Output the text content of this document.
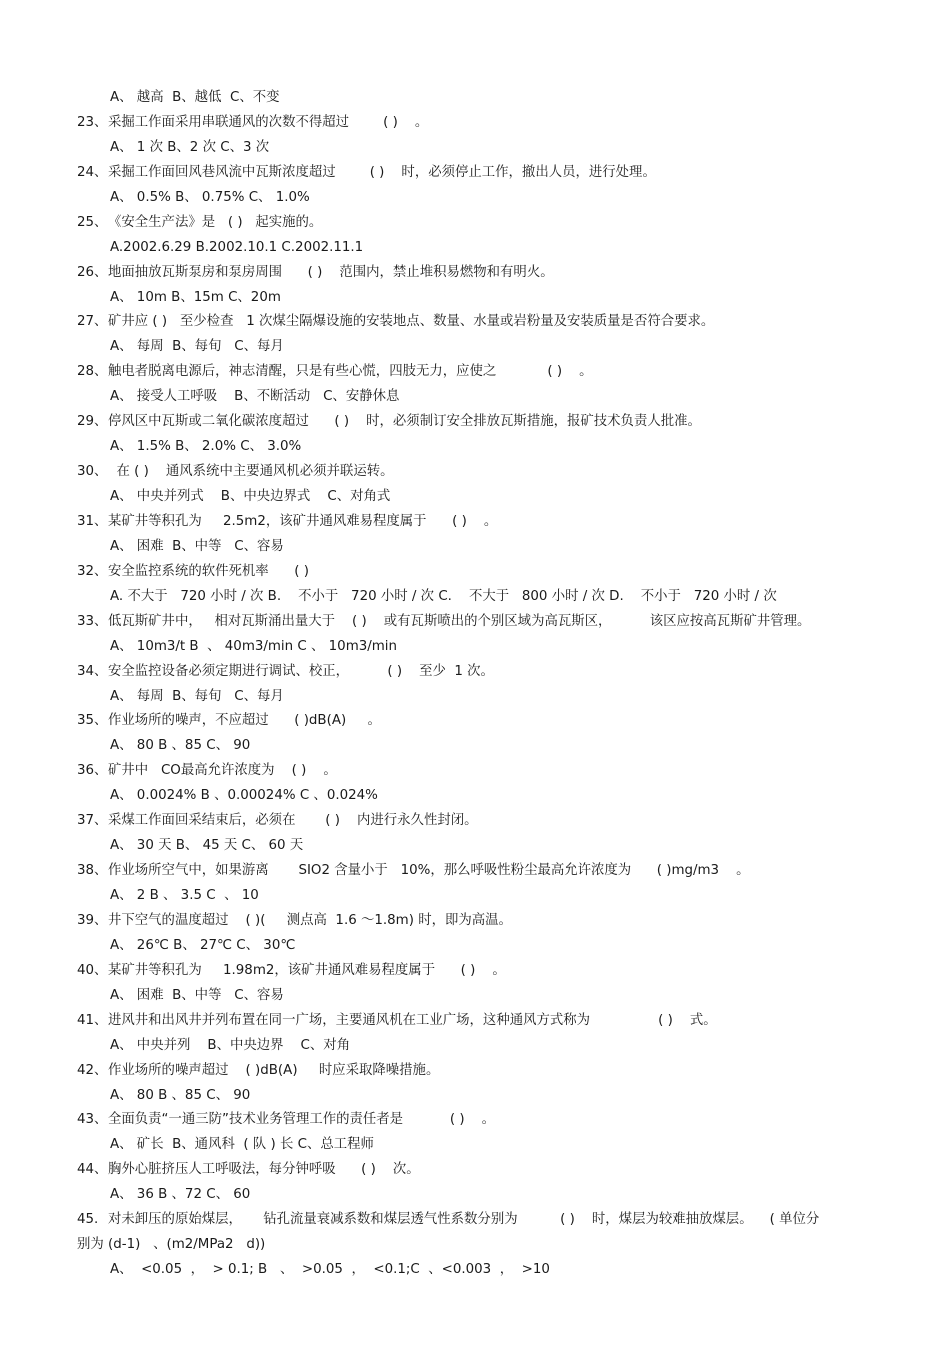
A、 越高  B、越低  C、不变
23、采掘工作面采用串联通风的次数不得超过        ( )    。
A、 1 次 B、2 次 C、3 次
24、采掘工作面回风巷风流中瓦斯浓度超过        ( )    时，必须停止工作，撤出人员，进行处理。
A、 0.5% B、 0.75% C、 1.0%
25、《安全生产法》是   ( )   起实施的。
A.2002.6.29 B.2002.10.1 C.2002.11.1
26、地面抽放瓦斯泵房和泵房周围      ( )    范围内，禁止堆积易燃物和有明火。
A、 10m B、15m C、20m
27、矿井应 ( )   至少检查   1 次煤尘隔爆设施的安装地点、数量、水量或岩粉量及安装质量是否符合要求。
A、 每周  B、每旬   C、每月
28、触电者脱离电源后，神志清醒，只是有些心慌，四肢无力，应使之            ( )    。
A、 接受人工呼吸    B、不断活动   C、安静休息
29、停风区中瓦斯或二氧化碳浓度超过      ( )    时，必须制订安全排放瓦斯措施，报矿技术负责人批准。
A、 1.5% B、 2.0% C、 3.0%
30、  在 ( )    通风系统中主要通风机必须并联运转。
A、 中央并列式    B、中央边界式    C、对角式
31、某矿井等积孔为     2.5m2，该矿井通风难易程度属于      ( )    。
A、 困难  B、中等   C、容易
32、安全监控系统的软件死机率      ( )
A. 不大于   720 小时 / 次 B.    不小于   720 小时 / 次 C.    不大于   800 小时 / 次 D.    不小于   720 小时 / 次
33、低瓦斯矿井中，   相对瓦斯涌出量大于    ( )    或有瓦斯喷出的个别区域为高瓦斯区，         该区应按高瓦斯矿井管理。
A、 10m3/t B  、 40m3/min C 、 10m3/min
34、安全监控设备必须定期进行调试、校正，         ( )    至少  1 次。
A、 每周  B、每旬   C、每月
35、作业场所的噪声，不应超过      ( )dB(A)     。
A、 80 B 、85 C、 90
36、矿井中   CO最高允许浓度为    ( )    。
A、 0.0024% B 、0.00024% C 、0.024%
37、采煤工作面回采结束后，必须在       ( )    内进行永久性封闭。
A、 30 天 B、 45 天 C、 60 天
38、作业场所空气中，如果游离       SIO2 含量小于   10%，那么呼吸性粉尘最高允许浓度为      ( )mg/m3    。
A、 2 B 、 3.5 C  、 10
39、井下空气的温度超过    ( )(     测点高  1.6 ～1.8m) 时，即为高温。
A、 26℃ B、 27℃ C、 30℃
40、某矿井等积孔为     1.98m2，该矿井通风难易程度属于      ( )    。
A、 困难  B、中等   C、容易
41、进风井和出风井并列布置在同一广场，主要通风机在工业广场，这种通风方式称为                ( )    式。
A、 中央并列    B、中央边界    C、对角
42、作业场所的噪声超过    ( )dB(A)     时应采取降噪措施。
A、 80 B 、85 C、 90
43、全面负责“一通三防”技术业务管理工作的责任者是           ( )    。
A、 矿长  B、通风科  ( 队 ) 长 C、总工程师
44、胸外心脏挤压人工呼吸法，每分钟呼吸      ( )    次。
A、 36 B 、72 C、 60
45. 对未卸压的原始煤层，     钻孔流量衰减系数和煤层透气性系数分别为          ( )    时，煤层为较难抽放煤层。    ( 单位分
别为 (d-1)   、(m2/MPa2   d))
A、  <0.05  ，  > 0.1; B   、  >0.05  ，  <0.1;C  、<0.003  ，  >10
